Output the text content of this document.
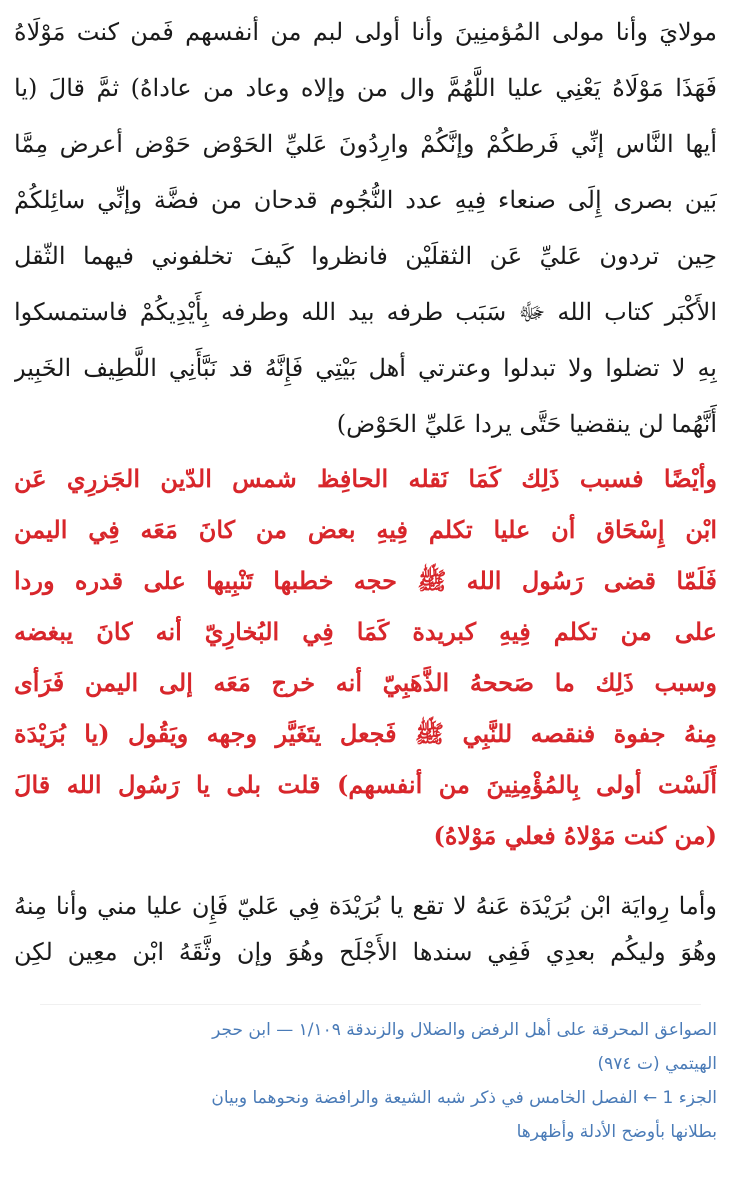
مولايَ وأنا مولى المُؤمنِينَ وأنا أولى لبم من أنفسهم فَمن كنت مَوْلَاهُ
فَهَذَا مَوْلَاهُ يَعْنِي عليا اللَّهُمَّ وال من وإلاه وعاد من عاداهُ) ثمَّ قالَ (يا
أيها النَّاس إنِّي فَرطكُمْ وإنَّكُمْ وارِدُونَ عَليِّ الحَوْض حَوْض أعرض مِمَّا
بَين بصرى إِلَى صنعاء فِيهِ عدد النُّجُوم قدحان من فضَّة وإنِّي سائِلكُمْ
حِين تردون عَليِّ عَن الثقلَيْن فانظروا كَيفَ تخلفوني فيهما الثّقل
الأَكْبَر كتاب الله ﷻ سَبَب طرفه بيد الله وطرفه بِأَيْدِيكُمْ فاستمسكوا
بِهِ لا تضلوا ولا تبدلوا وعترتي أهل بَيْتِي فَإِنَّهُ قد نَبَّأَنِي اللَّطِيف الخَبِير
أَنَّهُما لن ينقضيا حَتَّى يردا عَليِّ الحَوْض)
وأيْضًا فسبب ذَلِك كَمَا نَقله الحافِظ شمس الدّين الجَزرِي عَن
ابْن إِسْحَاق أن عليا تكلم فِيهِ بعض من كانَ مَعَه فِي اليمن
فَلَمّا قضى رَسُول الله ﷺ حجه خطبها تَنْبِيها على قدره وردا
على من تكلم فِيهِ كبريدة كَمَا فِي البُخارِيّ أنه كانَ يبغضه
وسبب ذَلِك ما صَححهُ الذَّهَبِيّ أنه خرج مَعَه إلى اليمن فَرَأى
مِنهُ جفوة فنقصه للنَّبِي ﷺ فَجعل يتَغَيَّر وجهه ويَقُول (يا بُرَيْدَة
أَلَسْت أولى بِالمُؤْمِنِينَ من أنفسهم) قلت بلى يا رَسُول الله قالَ
(من كنت مَوْلاهُ فعلي مَوْلاهُ)
وأما رِوايَة ابْن بُرَيْدَة عَنهُ لا تقع يا بُرَيْدَة فِي عَليّ فَإِن عليا مني وأنا مِنهُ
وهُوَ وليكُم بعدِي فَفِي سندها الأَجْلَح وهُوَ وإن وثَّقَهُ ابْن معِين لكِن
الصواعق المحرقة على أهل الرفض والضلال والزندقة ١/١٠٩ — ابن حجر
الهيتمي (ت ٩٧٤)
الجزء 1 ← الفصل الخامس في ذكر شبه الشيعة والرافضة ونحوهما وبيان
بطلانها بأوضح الأدلة وأظهرها
